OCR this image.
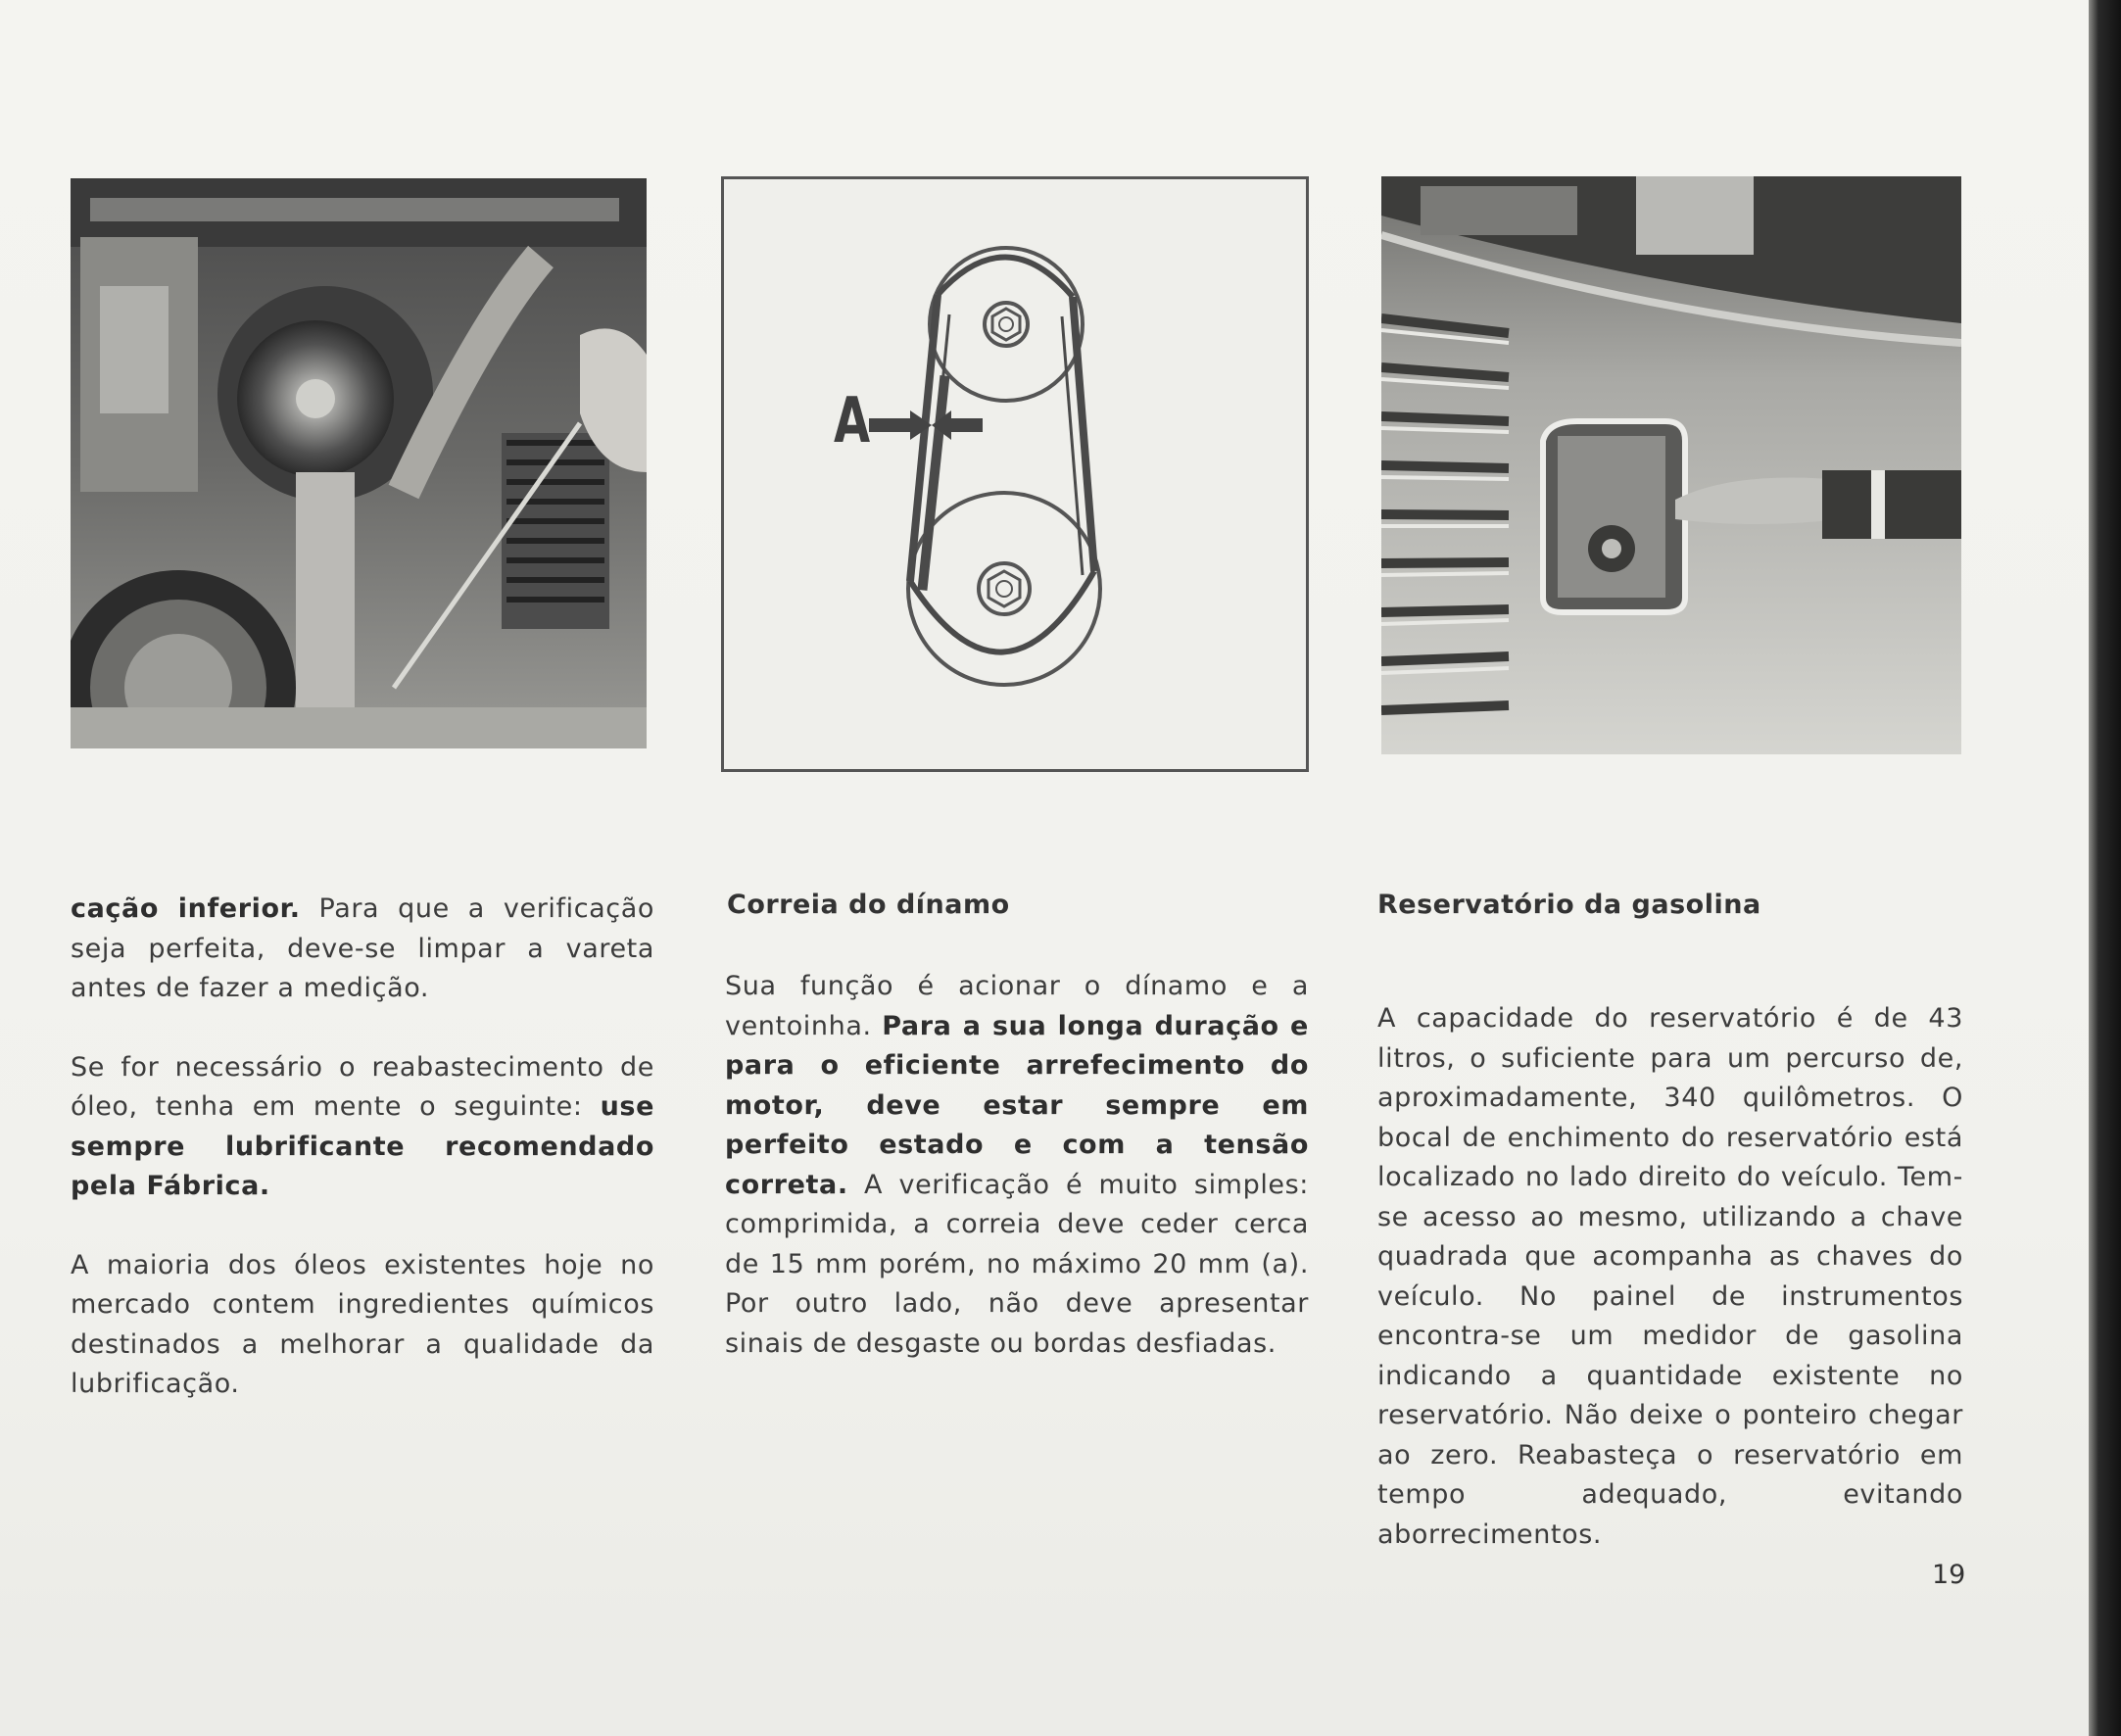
A

cação inferior. Para que a verificação seja perfeita, deve-se limpar a vareta antes de fazer a medição.

Se for necessário o reabastecimento de óleo, tenha em mente o seguinte: use sempre lubrificante recomendado pela Fábrica.

A maioria dos óleos existentes hoje no mercado contem ingredientes químicos destinados a melhorar a qualidade da lubrificação.

Correia do dínamo

Sua função é acionar o dínamo e a ventoinha. Para a sua longa duração e para o eficiente arrefecimento do motor, deve estar sempre em perfeito estado e com a tensão correta. A verificação é muito simples: comprimida, a correia deve ceder cerca de 15 mm porém, no máximo 20 mm (a). Por outro lado, não deve apresentar sinais de desgaste ou bordas desfiadas.

Reservatório da gasolina

A capacidade do reservatório é de 43 litros, o suficiente para um percurso de, aproximadamente, 340 quilômetros. O bocal de enchimento do reservatório está localizado no lado direito do veículo. Tem-se acesso ao mesmo, utilizando a chave quadrada que acompanha as chaves do veículo. No painel de instrumentos encontra-se um medidor de gasolina indicando a quantidade existente no reservatório. Não deixe o ponteiro chegar ao zero. Reabasteça o reservatório em tempo adequado, evitando aborrecimentos.

19
